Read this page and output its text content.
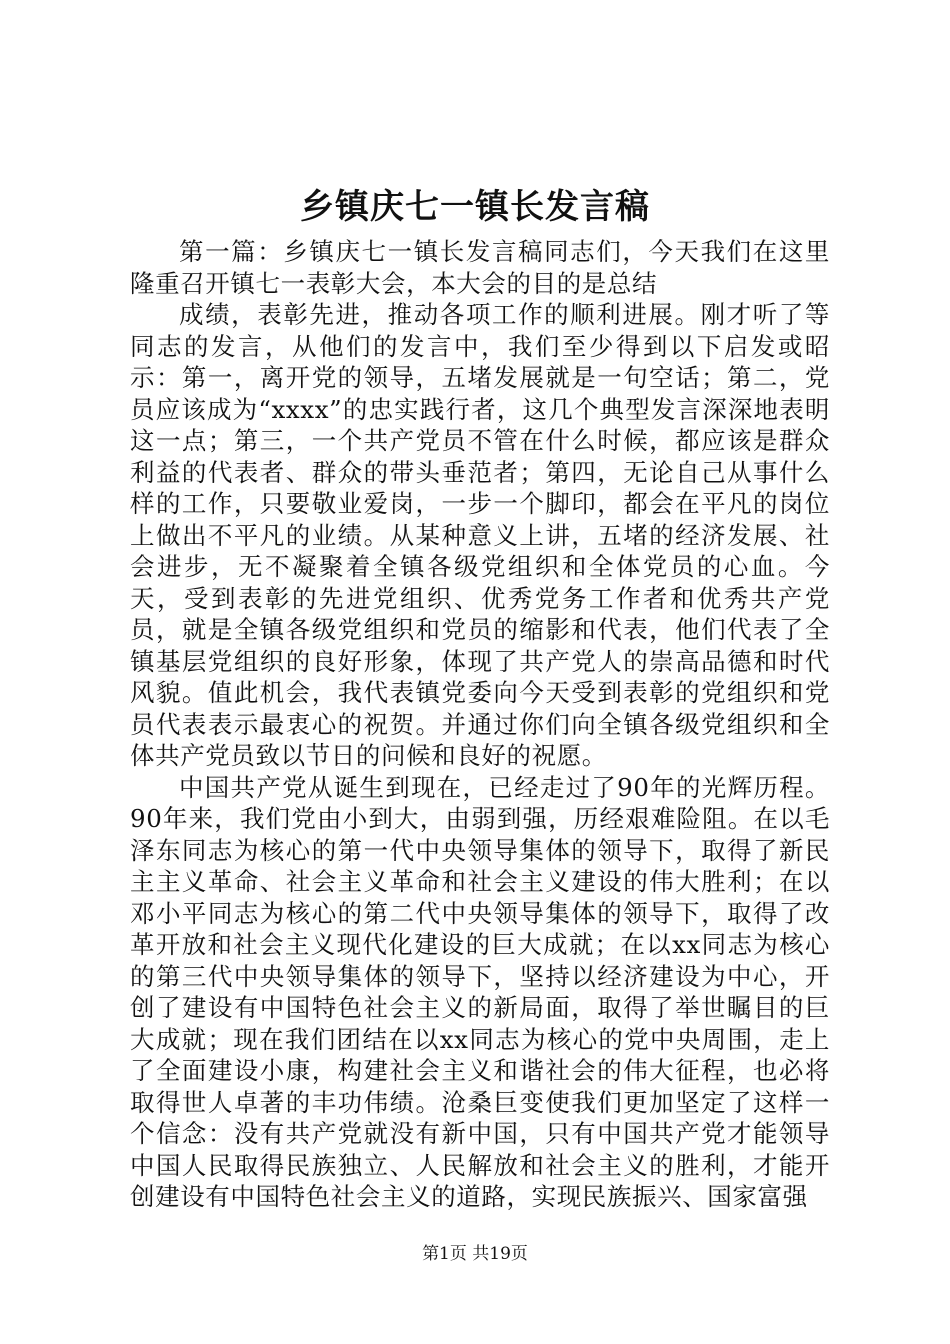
乡镇庆七一镇长发言稿

第一篇：乡镇庆七一镇长发言稿同志们，今天我们在这里隆重召开镇七一表彰大会，本大会的目的是总结

成绩，表彰先进，推动各项工作的顺利进展。刚才听了等同志的发言，从他们的发言中，我们至少得到以下启发或昭示：第一，离开党的领导，五堵发展就是一句空话；第二，党员应该成为“xxxx”的忠实践行者，这几个典型发言深深地表明这一点；第三，一个共产党员不管在什么时候，都应该是群众利益的代表者、群众的带头垂范者；第四，无论自己从事什么样的工作，只要敬业爱岗，一步一个脚印，都会在平凡的岗位上做出不平凡的业绩。从某种意义上讲，五堵的经济发展、社会进步，无不凝聚着全镇各级党组织和全体党员的心血。今天，受到表彰的先进党组织、优秀党务工作者和优秀共产党员，就是全镇各级党组织和党员的缩影和代表，他们代表了全镇基层党组织的良好形象，体现了共产党人的崇高品德和时代风貌。值此机会，我代表镇党委向今天受到表彰的党组织和党员代表表示最衷心的祝贺。并通过你们向全镇各级党组织和全体共产党员致以节日的问候和良好的祝愿。

中国共产党从诞生到现在，已经走过了90年的光辉历程。90年来，我们党由小到大，由弱到强，历经艰难险阻。在以毛泽东同志为核心的第一代中央领导集体的领导下，取得了新民主主义革命、社会主义革命和社会主义建设的伟大胜利；在以邓小平同志为核心的第二代中央领导集体的领导下，取得了改革开放和社会主义现代化建设的巨大成就；在以xx同志为核心的第三代中央领导集体的领导下，坚持以经济建设为中心，开创了建设有中国特色社会主义的新局面，取得了举世瞩目的巨大成就；现在我们团结在以xx同志为核心的党中央周围，走上了全面建设小康，构建社会主义和谐社会的伟大征程，也必将取得世人卓著的丰功伟绩。沧桑巨变使我们更加坚定了这样一个信念：没有共产党就没有新中国，只有中国共产党才能领导中国人民取得民族独立、人民解放和社会主义的胜利，才能开创建设有中国特色社会主义的道路，实现民族振兴、国家富强

第1页 共19页
